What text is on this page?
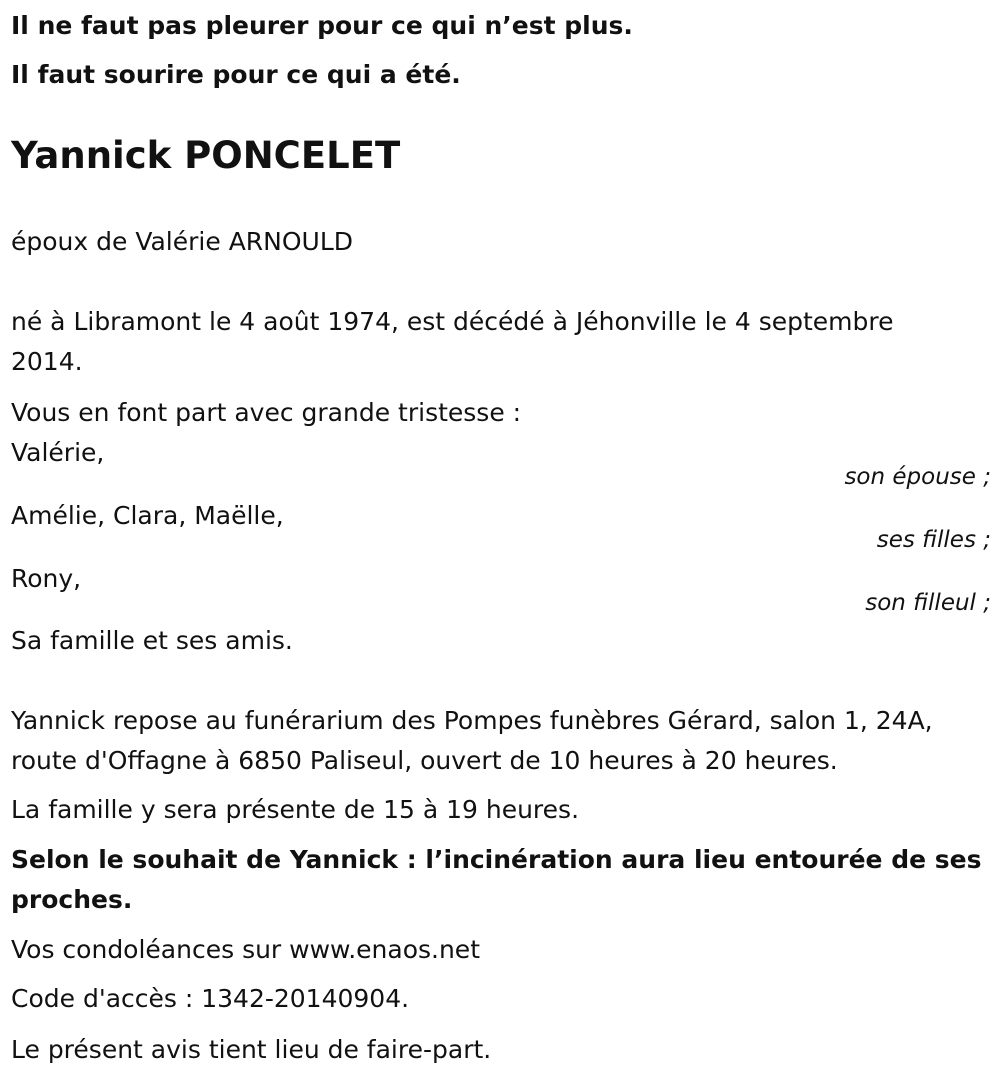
Il ne faut pas pleurer pour ce qui n’est plus.
Il faut sourire pour ce qui a été.
Yannick PONCELET
époux de Valérie ARNOULD
né à Libramont le 4 août 1974, est décédé à Jéhonville le 4 septembre
2014.
Vous en font part avec grande tristesse :
Valérie,
son épouse ;
Amélie, Clara, Maëlle,
ses filles ;
Rony,
son filleul ;
Sa famille et ses amis.
Yannick repose au funérarium des Pompes funèbres Gérard, salon 1, 24A,
route d'Offagne à 6850 Paliseul, ouvert de 10 heures à 20 heures.
La famille y sera présente de 15 à 19 heures.
Selon le souhait de Yannick : l’incinération aura lieu entourée de ses
proches.
Vos condoléances sur www.enaos.net
Code d'accès : 1342-20140904.
Le présent avis tient lieu de faire-part.
